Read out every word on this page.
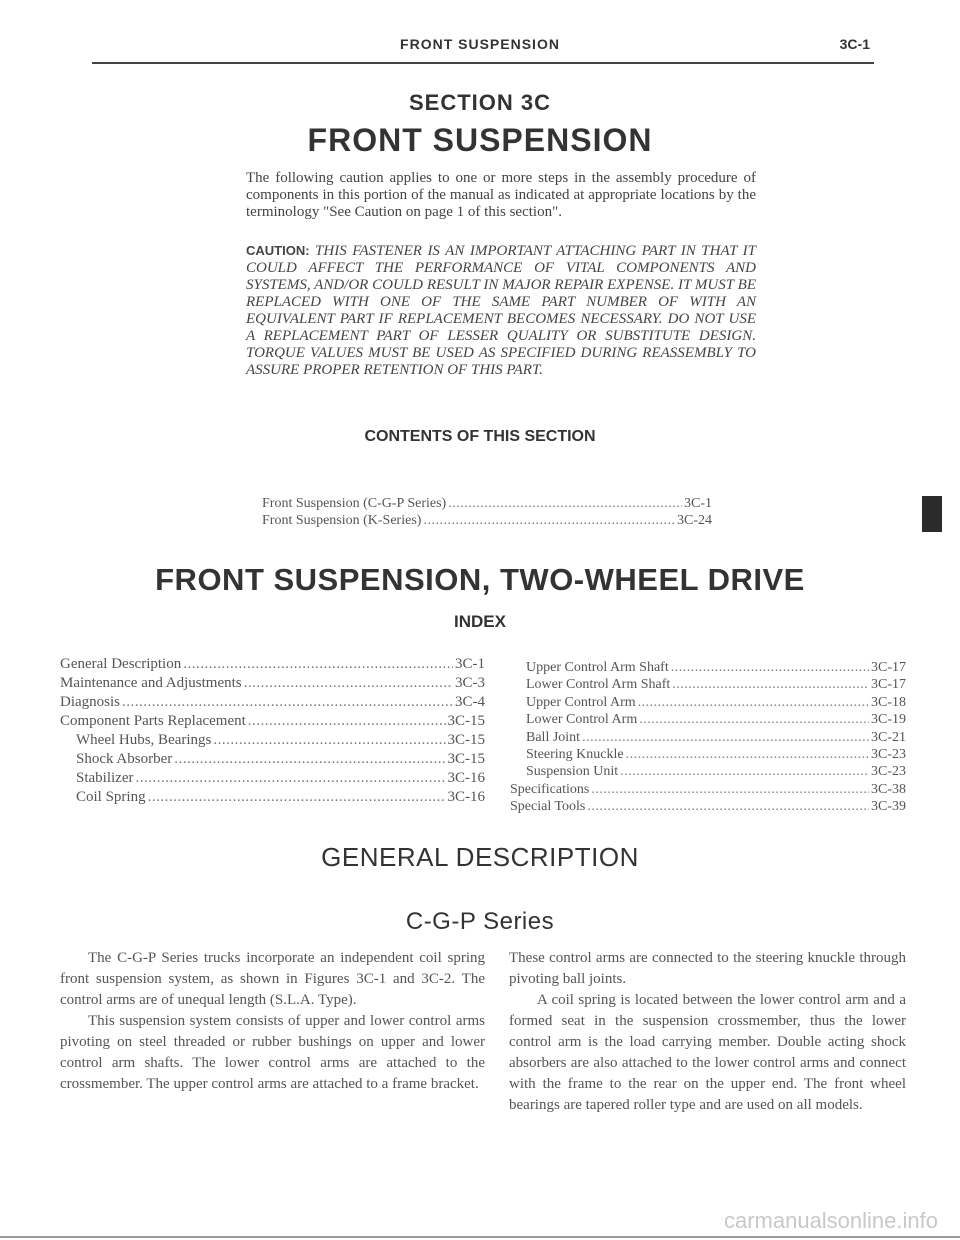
FRONT SUSPENSION	3C-1
SECTION 3C
FRONT SUSPENSION
The following caution applies to one or more steps in the assembly procedure of components in this portion of the manual as indicated at appropriate locations by the terminology "See Caution on page 1 of this section".
CAUTION: THIS FASTENER IS AN IMPORTANT ATTACHING PART IN THAT IT COULD AFFECT THE PERFORMANCE OF VITAL COMPONENTS AND SYSTEMS, AND/OR COULD RESULT IN MAJOR REPAIR EXPENSE. IT MUST BE REPLACED WITH ONE OF THE SAME PART NUMBER OF WITH AN EQUIVALENT PART IF REPLACEMENT BECOMES NECESSARY. DO NOT USE A REPLACEMENT PART OF LESSER QUALITY OR SUBSTITUTE DESIGN. TORQUE VALUES MUST BE USED AS SPECIFIED DURING REASSEMBLY TO ASSURE PROPER RETENTION OF THIS PART.
CONTENTS OF THIS SECTION
Front Suspension (C-G-P Series) .....	3C-1
Front Suspension (K-Series) .....	3C-24
FRONT SUSPENSION, TWO-WHEEL DRIVE
INDEX
General Description .....	3C-1
Maintenance and Adjustments .....	3C-3
Diagnosis .....	3C-4
Component Parts Replacement .....	3C-15
Wheel Hubs, Bearings .....	3C-15
Shock Absorber .....	3C-15
Stabilizer .....	3C-16
Coil Spring .....	3C-16
Upper Control Arm Shaft .....	3C-17
Lower Control Arm Shaft .....	3C-17
Upper Control Arm .....	3C-18
Lower Control Arm .....	3C-19
Ball Joint .....	3C-21
Steering Knuckle .....	3C-23
Suspension Unit .....	3C-23
Specifications .....	3C-38
Special Tools .....	3C-39
GENERAL DESCRIPTION
C-G-P Series

The C-G-P Series trucks incorporate an independent coil spring front suspension system, as shown in Figures 3C-1 and 3C-2. The control arms are of unequal length (S.L.A. Type).

This suspension system consists of upper and lower control arms pivoting on steel threaded or rubber bushings on upper and lower control arm shafts. The lower control arms are attached to the crossmember. The upper control arms are attached to a frame bracket.

These control arms are connected to the steering knuckle through pivoting ball joints.

A coil spring is located between the lower control arm and a formed seat in the suspension crossmember, thus the lower control arm is the load carrying member. Double acting shock absorbers are also attached to the lower control arms and connect with the frame to the rear on the upper end. The front wheel bearings are tapered roller type and are used on all models.

carmanualsonline.info
